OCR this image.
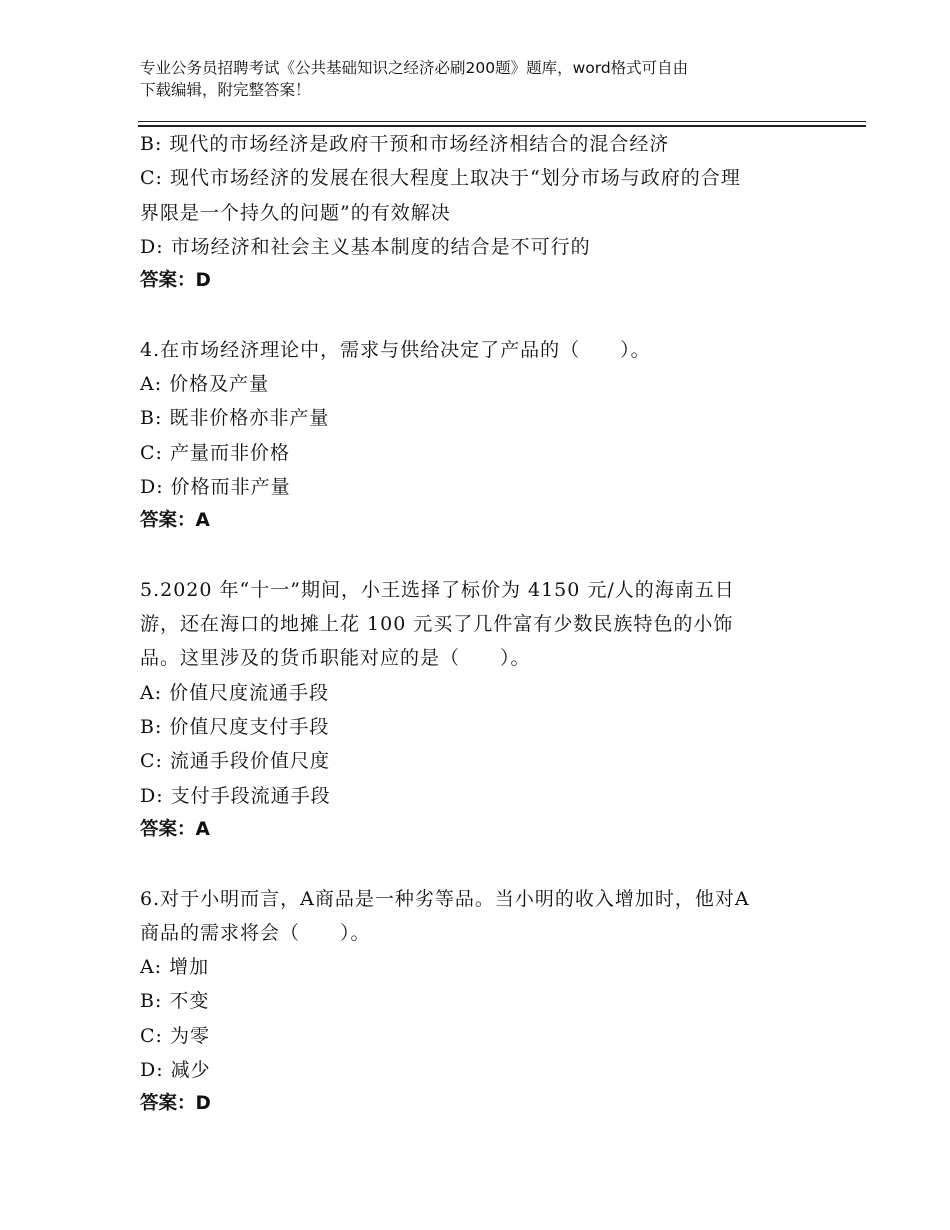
专业公务员招聘考试《公共基础知识之经济必刷200题》题库，word格式可自由
下载编辑，附完整答案！
B: 现代的市场经济是政府干预和市场经济相结合的混合经济
C: 现代市场经济的发展在很大程度上取决于“划分市场与政府的合理
界限是一个持久的问题”的有效解决
D: 市场经济和社会主义基本制度的结合是不可行的
答案：D
4.在市场经济理论中，需求与供给决定了产品的（　　）。
A: 价格及产量
B: 既非价格亦非产量
C: 产量而非价格
D: 价格而非产量
答案：A
5.2020 年“十一”期间，小王选择了标价为 4150 元/人的海南五日
游，还在海口的地摊上花 100 元买了几件富有少数民族特色的小饰
品。这里涉及的货币职能对应的是（　　）。
A: 价值尺度流通手段
B: 价值尺度支付手段
C: 流通手段价值尺度
D: 支付手段流通手段
答案：A
6.对于小明而言，A商品是一种劣等品。当小明的收入增加时，他对A
商品的需求将会（　　）。
A: 增加
B: 不变
C: 为零
D: 减少
答案：D
